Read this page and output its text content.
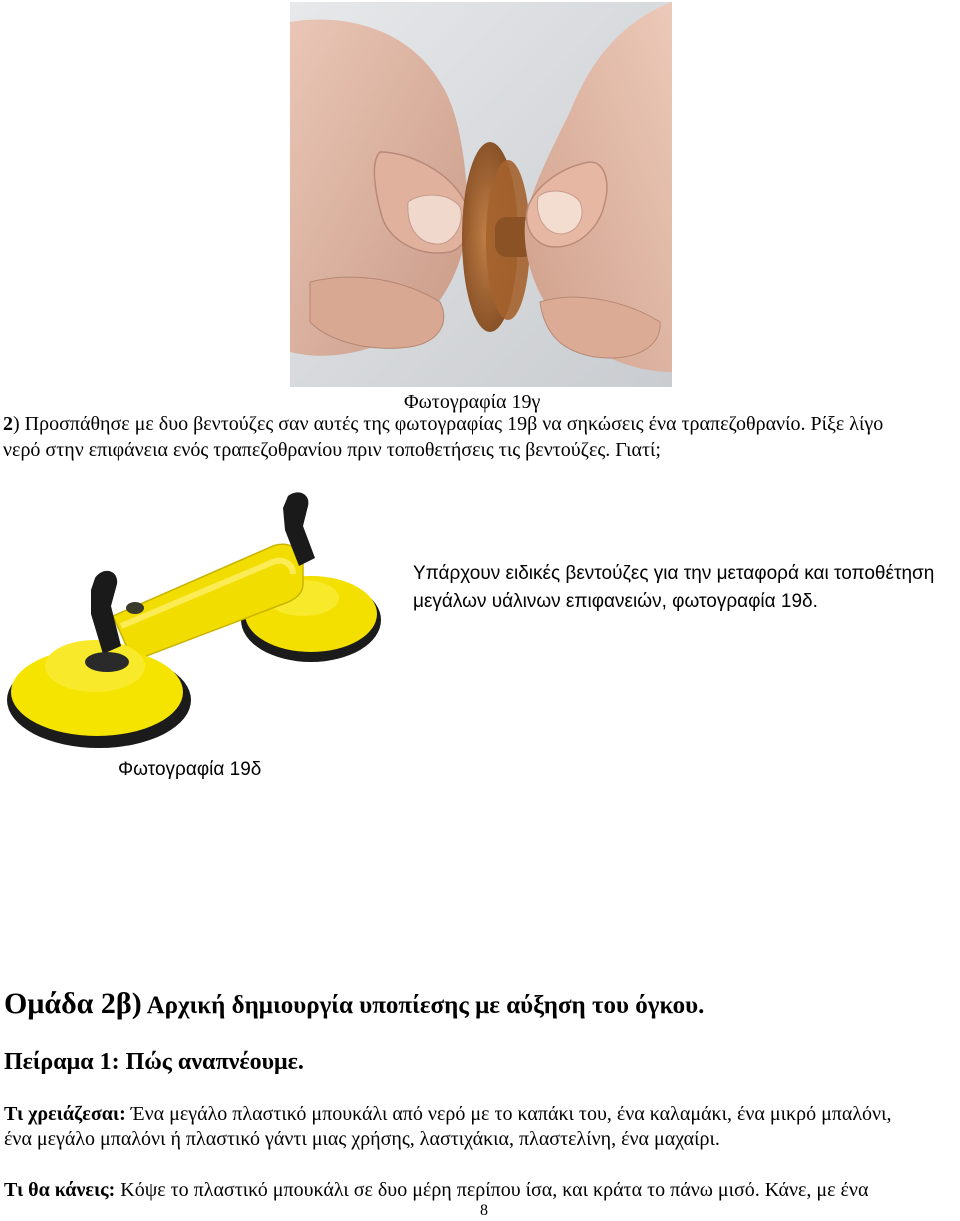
Φωτογραφία 19γ
2) Προσπάθησε με δυο βεντούζες σαν αυτές της φωτογραφίας 19β να σηκώσεις ένα τραπεζοθρανίο. Ρίξε λίγο
νερό στην επιφάνεια ενός τραπεζοθρανίου πριν τοποθετήσεις τις βεντούζες. Γιατί;
Υπάρχουν ειδικές βεντούζες για την μεταφορά και τοποθέτηση
μεγάλων υάλινων επιφανειών, φωτογραφία 19δ.
Φωτογραφία 19δ
Ομάδα 2β) Αρχική δημιουργία υποπίεσης με αύξηση του όγκου.
Πείραμα 1: Πώς αναπνέουμε.
Τι χρειάζεσαι: Ένα μεγάλο πλαστικό μπουκάλι από νερό με το καπάκι του, ένα καλαμάκι, ένα μικρό μπαλόνι,
ένα μεγάλο μπαλόνι ή πλαστικό γάντι μιας χρήσης, λαστιχάκια, πλαστελίνη, ένα μαχαίρι.
Τι θα κάνεις: Κόψε το πλαστικό μπουκάλι σε δυο μέρη περίπου ίσα, και κράτα το πάνω μισό. Κάνε, με ένα
8
